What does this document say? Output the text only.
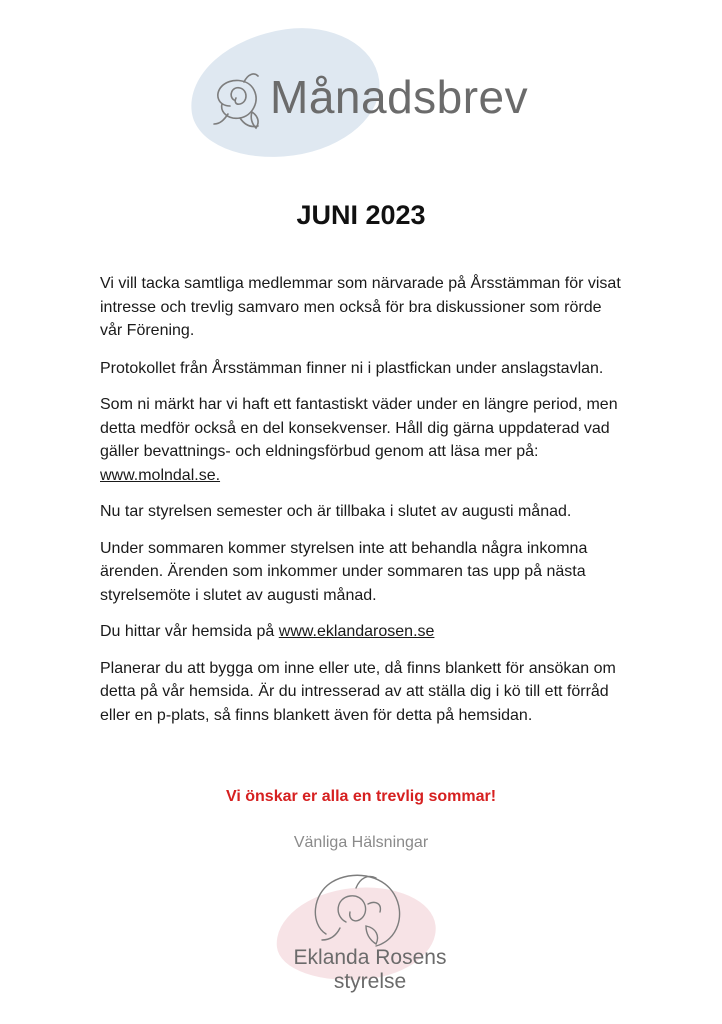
Månadsbrev
JUNI 2023

Vi vill tacka samtliga medlemmar som närvarade på Årsstämman för visat intresse och trevlig samvaro men också för bra diskussioner som rörde vår Förening.

Protokollet från Årsstämman finner ni i plastfickan under anslagstavlan.

Som ni märkt har vi haft ett fantastiskt väder under en längre period, men detta medför också en del konsekvenser. Håll dig gärna uppdaterad vad gäller bevattnings- och eldningsförbud genom att läsa mer på:
www.molndal.se.

Nu tar styrelsen semester och är tillbaka i slutet av augusti månad.

Under sommaren kommer styrelsen inte att behandla några inkomna ärenden. Ärenden som inkommer under sommaren tas upp på nästa styrelsemöte i slutet av augusti månad.

Du hittar vår hemsida på www.eklandarosen.se

Planerar du att bygga om inne eller ute, då finns blankett för ansökan om detta på vår hemsida. Är du intresserad av att ställa dig i kö till ett förråd eller en p-plats, så finns blankett även för detta på hemsidan.

Vi önskar er alla en trevlig sommar!
Vänliga Hälsningar
Eklanda Rosens
styrelse
